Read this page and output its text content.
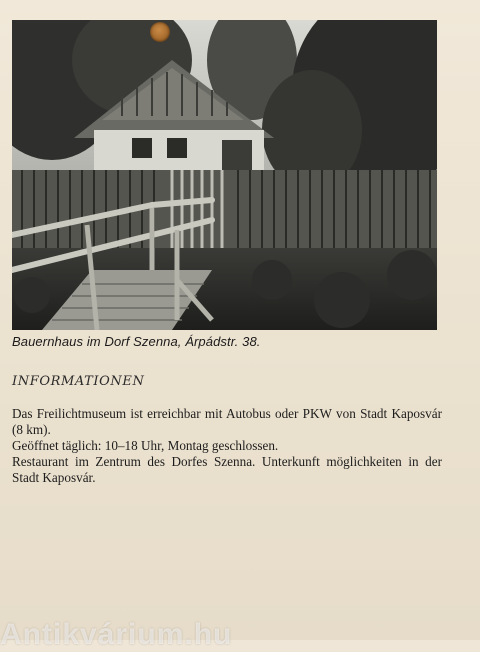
Bauernhaus im Dorf Szenna, Árpádstr. 38.
INFORMATIONEN

Das Freilichtmuseum ist erreichbar mit Autobus oder PKW von Stadt Kaposvár (8 km).

Geöffnet täglich: 10–18 Uhr, Montag geschlossen.

Restaurant im Zentrum des Dorfes Szenna. Unterkunft möglichkeiten in der Stadt Kaposvár.

Antikvárium.hu
